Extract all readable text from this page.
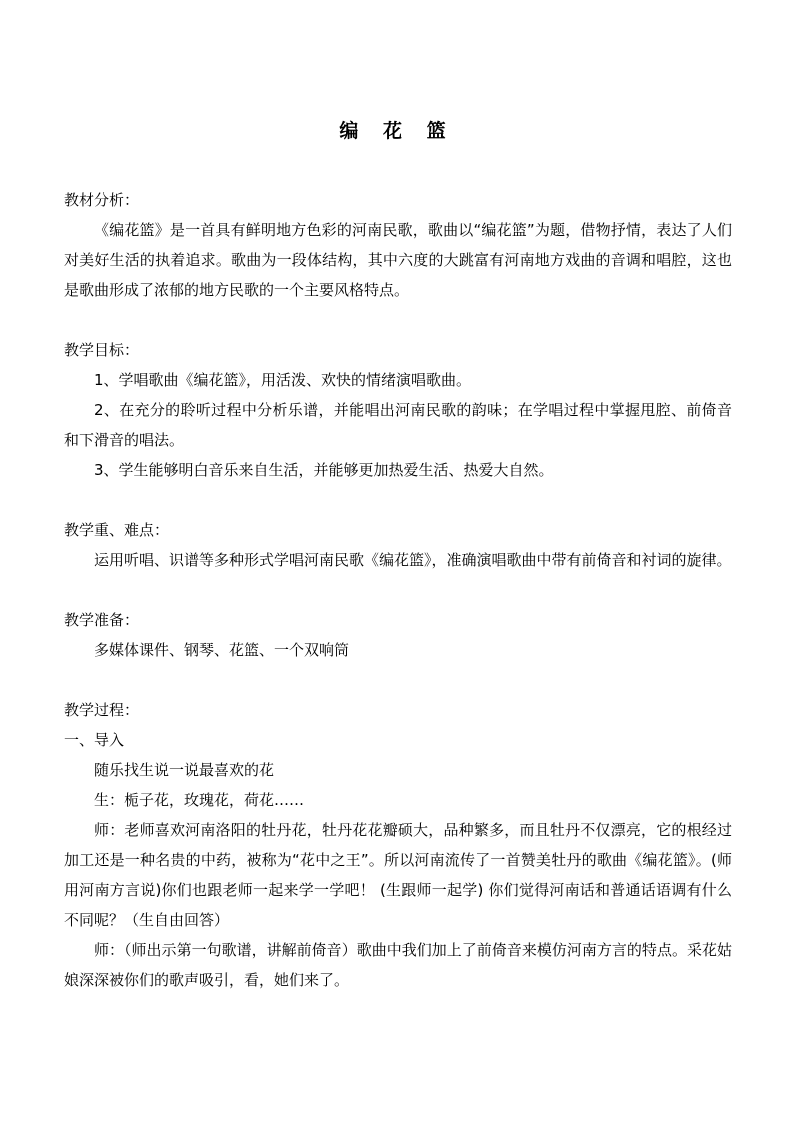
编 花 篮

教材分析：

《编花篮》是一首具有鲜明地方色彩的河南民歌，歌曲以“编花篮”为题，借物抒情，表达了人们对美好生活的执着追求。歌曲为一段体结构，其中六度的大跳富有河南地方戏曲的音调和唱腔，这也是歌曲形成了浓郁的地方民歌的一个主要风格特点。

教学目标：

1、学唱歌曲《编花篮》，用活泼、欢快的情绪演唱歌曲。

2、在充分的聆听过程中分析乐谱，并能唱出河南民歌的韵味；在学唱过程中掌握甩腔、前倚音和下滑音的唱法。

3、学生能够明白音乐来自生活，并能够更加热爱生活、热爱大自然。

教学重、难点：

运用听唱、识谱等多种形式学唱河南民歌《编花篮》，准确演唱歌曲中带有前倚音和衬词的旋律。

教学准备：

多媒体课件、钢琴、花篮、一个双响筒

教学过程：

一、导入

随乐找生说一说最喜欢的花

生：栀子花，玫瑰花，荷花……

师：老师喜欢河南洛阳的牡丹花，牡丹花花瓣硕大，品种繁多，而且牡丹不仅漂亮，它的根经过加工还是一种名贵的中药，被称为“花中之王”。所以河南流传了一首赞美牡丹的歌曲《编花篮》。(师用河南方言说)你们也跟老师一起来学一学吧！ (生跟师一起学) 你们觉得河南话和普通话语调有什么不同呢？（生自由回答）

师：（师出示第一句歌谱，讲解前倚音）歌曲中我们加上了前倚音来模仿河南方言的特点。采花姑娘深深被你们的歌声吸引，看，她们来了。
